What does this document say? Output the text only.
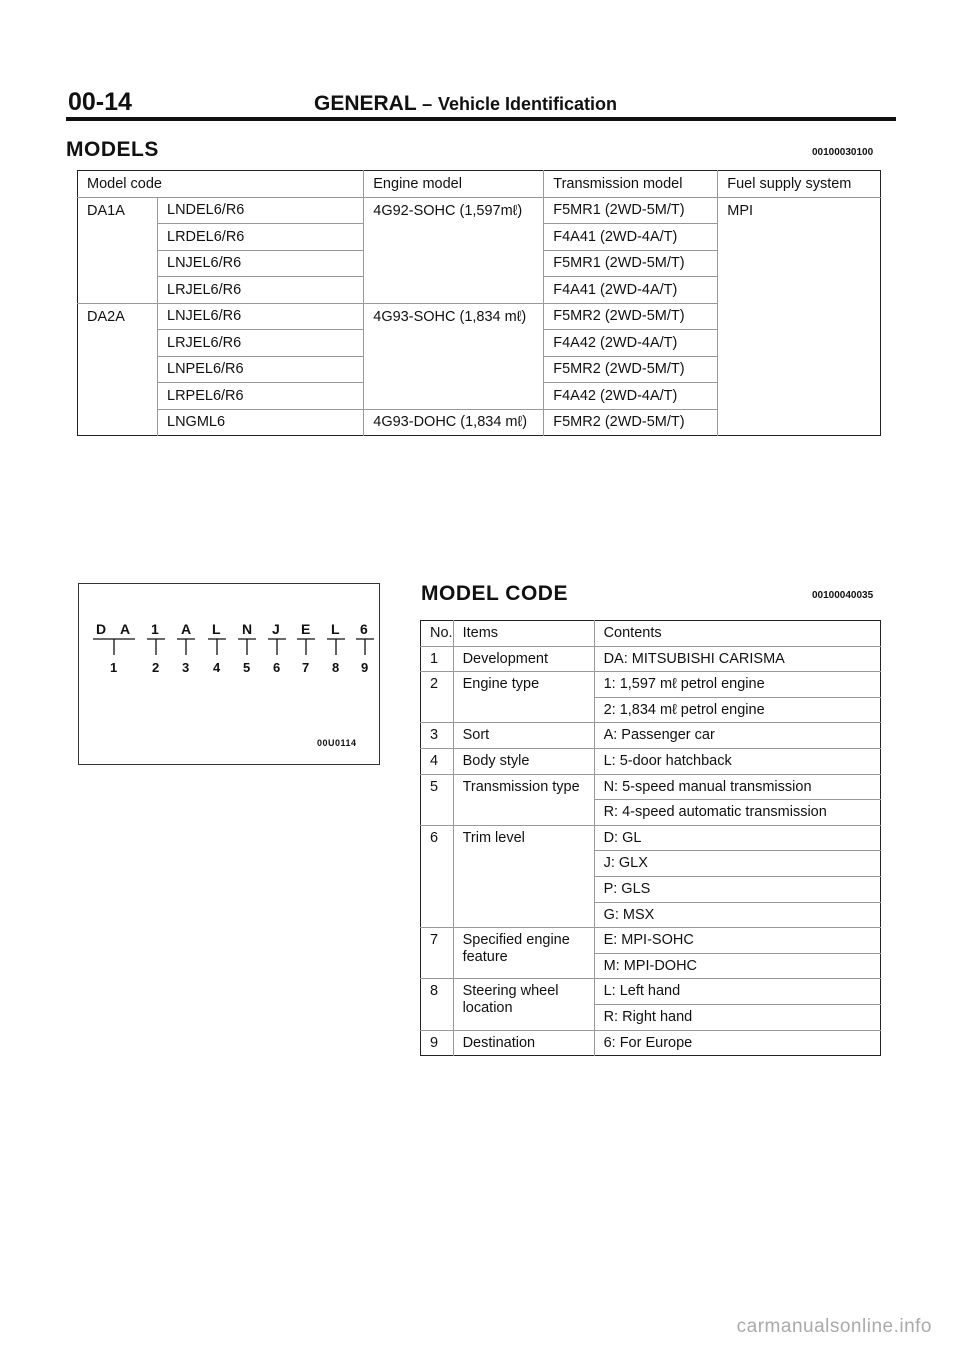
00-14	GENERAL – Vehicle Identification
MODELS	00100030100
Model code		Engine model	Transmission model	Fuel supply system
DA1A	LNDEL6/R6	4G92-SOHC (1,597mℓ)	F5MR1 (2WD-5M/T)	MPI
	LRDEL6/R6		F4A41 (2WD-4A/T)	
	LNJEL6/R6		F5MR1 (2WD-5M/T)	
	LRJEL6/R6		F4A41 (2WD-4A/T)	
DA2A	LNJEL6/R6	4G93-SOHC (1,834 mℓ)	F5MR2 (2WD-5M/T)	
	LRJEL6/R6		F4A42 (2WD-4A/T)	
	LNPEL6/R6		F5MR2 (2WD-5M/T)	
	LRPEL6/R6		F4A42 (2WD-4A/T)	
	LNGML6	4G93-DOHC (1,834 mℓ)	F5MR2 (2WD-5M/T)	
D A 1 A L N J E L 6
1	2 3 4 5 6 7 8 9
00U0114
MODEL CODE	00100040035
No.	Items	Contents
1	Development	DA: MITSUBISHI CARISMA
2	Engine type	1: 1,597 mℓ petrol engine
		2: 1,834 mℓ petrol engine
3	Sort	A: Passenger car
4	Body style	L: 5-door hatchback
5	Transmission type	N: 5-speed manual transmission
		R: 4-speed automatic transmission
6	Trim level	D: GL
		J: GLX
		P: GLS
		G: MSX
7	Specified engine feature	E: MPI-SOHC
		M: MPI-DOHC
8	Steering wheel location	L: Left hand
		R: Right hand
9	Destination	6: For Europe
carmanualsonline.info
